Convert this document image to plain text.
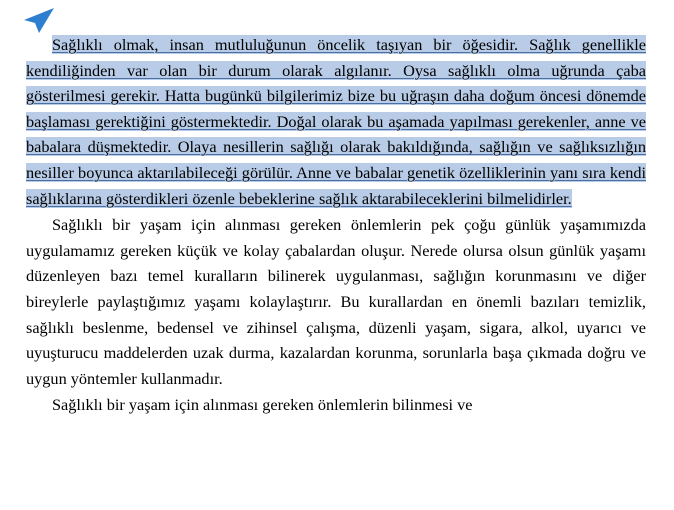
Sağlıklı olmak, insan mutluluğunun öncelik taşıyan bir öğesidir. Sağlık genellikle kendiliğinden var olan bir durum olarak algılanır. Oysa sağlıklı olma uğrunda çaba gösterilmesi gerekir. Hatta bugünkü bilgilerimiz bize bu uğraşın daha doğum öncesi dönemde başlaması gerektiğini göstermektedir. Doğal olarak bu aşamada yapılması gerekenler, anne ve babalara düşmektedir. Olaya nesillerin sağlığı olarak bakıldığında, sağlığın ve sağlıksızlığın nesiller boyunca aktarılabileceği görülür. Anne ve babalar genetik özelliklerinin yanı sıra kendi sağlıklarına gösterdikleri özenle bebeklerine sağlık aktarabileceklerini bilmelidirler.

Sağlıklı bir yaşam için alınması gereken önlemlerin pek çoğu günlük yaşamımızda uygulamamız gereken küçük ve kolay çabalardan oluşur. Nerede olursa olsun günlük yaşamı düzenleyen bazı temel kuralların bilinerek uygulanması, sağlığın korunmasını ve diğer bireylerle paylaştığımız yaşamı kolaylaştırır. Bu kurallardan en önemli bazıları temizlik, sağlıklı beslenme, bedensel ve zihinsel çalışma, düzenli yaşam, sigara, alkol, uyarıcı ve uyuşturucu maddelerden uzak durma, kazalardan korunma, sorunlarla başa çıkmada doğru ve uygun yöntemler kullanmadır.

Sağlıklı bir yaşam için alınması gereken önlemlerin bilinmesi ve
